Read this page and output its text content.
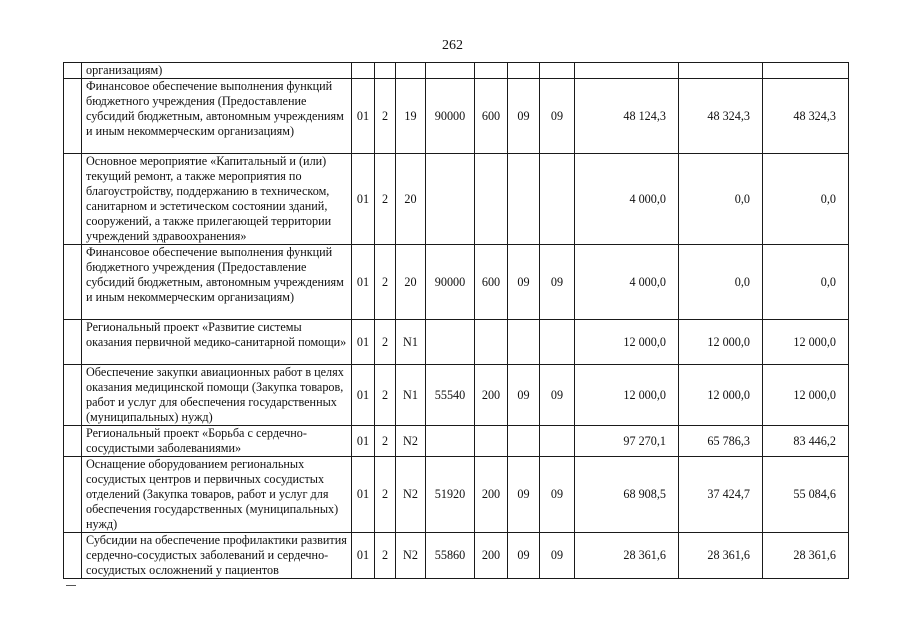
262
	организациям)										
	Финансовое обеспечение выполнения функций бюджетного учреждения (Предоставление субсидий бюджетным, автономным учреждениям и иным некоммерческим организациям)	01	2	19	90000	600	09	09	48 124,3	48 324,3	48 324,3
	Основное мероприятие «Капитальный и (или) текущий ремонт, а также мероприятия по благоустройству, поддержанию в техническом, санитарном и эстетическом состоянии зданий, сооружений, а также прилегающей территории учреждений здравоохранения»	01	2	20					4 000,0	0,0	0,0
	Финансовое обеспечение выполнения функций бюджетного учреждения (Предоставление субсидий бюджетным, автономным учреждениям и иным некоммерческим организациям)	01	2	20	90000	600	09	09	4 000,0	0,0	0,0
	Региональный проект «Развитие системы оказания первичной медико-санитарной помощи»	01	2	N1					12 000,0	12 000,0	12 000,0
	Обеспечение закупки авиационных работ в целях оказания медицинской помощи (Закупка товаров, работ и услуг для обеспечения государственных (муниципальных) нужд)	01	2	N1	55540	200	09	09	12 000,0	12 000,0	12 000,0
	Региональный проект «Борьба с сердечно-сосудистыми заболеваниями»	01	2	N2					97 270,1	65 786,3	83 446,2
	Оснащение оборудованием региональных сосудистых центров и первичных сосудистых отделений (Закупка товаров, работ и услуг для обеспечения государственных (муниципальных) нужд)	01	2	N2	51920	200	09	09	68 908,5	37 424,7	55 084,6
	Субсидии на обеспечение профилактики развития сердечно-сосудистых заболеваний и сердечно-сосудистых осложнений у пациентов	01	2	N2	55860	200	09	09	28 361,6	28 361,6	28 361,6
